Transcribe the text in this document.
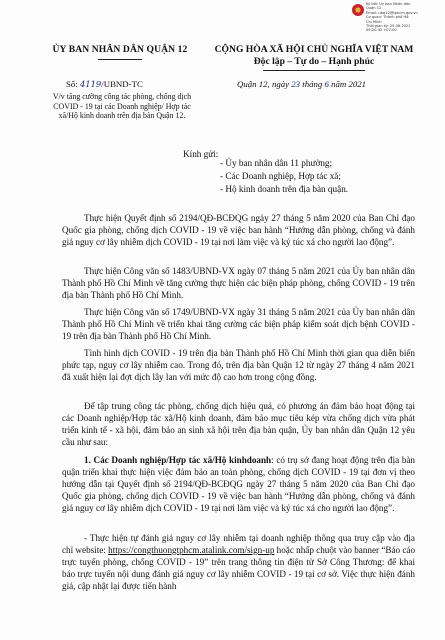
Ký bởi: Ủy ban Nhân dân
Quận 12
Email: ubq12@tphcm.gov.vn
Cơ quan: Thành phố Hồ
Chí Minh
Thời gian ký: 25.06.2021
09:20:42 +07:00
ỦY BAN NHÂN DÂN QUẬN 12	CỘNG HÒA XÃ HỘI CHỦ NGHĨA VIỆT NAM
Độc lập – Tự do – Hạnh phúc
Số: 4119/UBND-TC	Quận 12, ngày 23 tháng 6 năm 2021
V/v tăng cường công tác phòng, chống dịch COVID - 19 tại các Doanh nghiệp/ Hợp tác xã/Hộ kinh doanh trên địa bàn Quận 12.
Kính gửi:
- Ủy ban nhân dân 11 phường;
- Các Doanh nghiệp, Hợp tác xã;
- Hộ kinh doanh trên địa bàn quận.
Thực hiện Quyết định số 2194/QĐ-BCĐQG ngày 27 tháng 5 năm 2020 của Ban Chỉ đạo Quốc gia phòng, chống dịch COVID - 19 về việc ban hành “Hướng dẫn phòng, chống và đánh giá nguy cơ lây nhiễm dịch COVID - 19 tại nơi làm việc và ký túc xá cho người lao động”.
Thực hiện Công văn số 1483/UBND-VX ngày 07 tháng 5 năm 2021 của Ủy ban nhân dân Thành phố Hồ Chí Minh về tăng cường thực hiện các biện pháp phòng, chống COVID - 19 trên địa bàn Thành phố Hồ Chí Minh.
Thực hiện Công văn số 1749/UBND-VX ngày 31 tháng 5 năm 2021 của Ủy ban nhân dân Thành phố Hồ Chí Minh về triển khai tăng cường các biện pháp kiểm soát dịch bệnh COVID - 19 trên địa bàn Thành phố Hồ Chí Minh.
Tình hình dịch COVID - 19 trên địa bàn Thành phố Hồ Chí Minh thời gian qua diễn biến phức tạp, nguy cơ lây nhiễm cao. Trong đó, trên địa bàn Quận 12 từ ngày 27 tháng 4 năm 2021 đã xuất hiện lại đợt dịch lây lan với mức độ cao hơn trong cộng đồng.
Để tập trung công tác phòng, chống dịch hiệu quả, có phương án đảm bảo hoạt động tại các Doanh nghiệp/Hợp tác xã/Hộ kinh doanh, đảm bảo mục tiêu kép vừa chống dịch vừa phát triển kinh tế - xã hội, đảm bảo an sinh xã hội trên địa bàn quận, Ủy ban nhân dân Quận 12 yêu cầu như sau:
1. Các Doanh nghiệp/Hợp tác xã/Hộ kinhdoanh: có trụ sở đang hoạt động trên địa bàn quận triển khai thực hiện việc đảm bảo an toàn phòng, chống dịch COVID - 19 tại đơn vị theo hướng dẫn tại Quyết định số 2194/QĐ-BCĐQG ngày 27 tháng 5 năm 2020 của Ban Chỉ đạo Quốc gia phòng, chống dịch COVID - 19 về việc ban hành “Hướng dẫn phòng, chống và đánh giá nguy cơ lây nhiễm dịch COVID - 19 tại nơi làm việc và ký túc xá cho người lao động”.
- Thực hiện tự đánh giá nguy cơ lây nhiễm tại doanh nghiệp thông qua truy cập vào địa chỉ website: https://congthuongtphcm.atalink.com/sign-up hoặc nhấp chuột vào banner “Báo cáo trực tuyến phòng, chống COVID - 19” trên trang thông tin điện tử Sở Công Thương: để khai báo trực tuyến nội dung đánh giá nguy cơ lây nhiễm COVID - 19 tại cơ sở. Việc thực hiện đánh giá, cập nhật lại được tiến hành
